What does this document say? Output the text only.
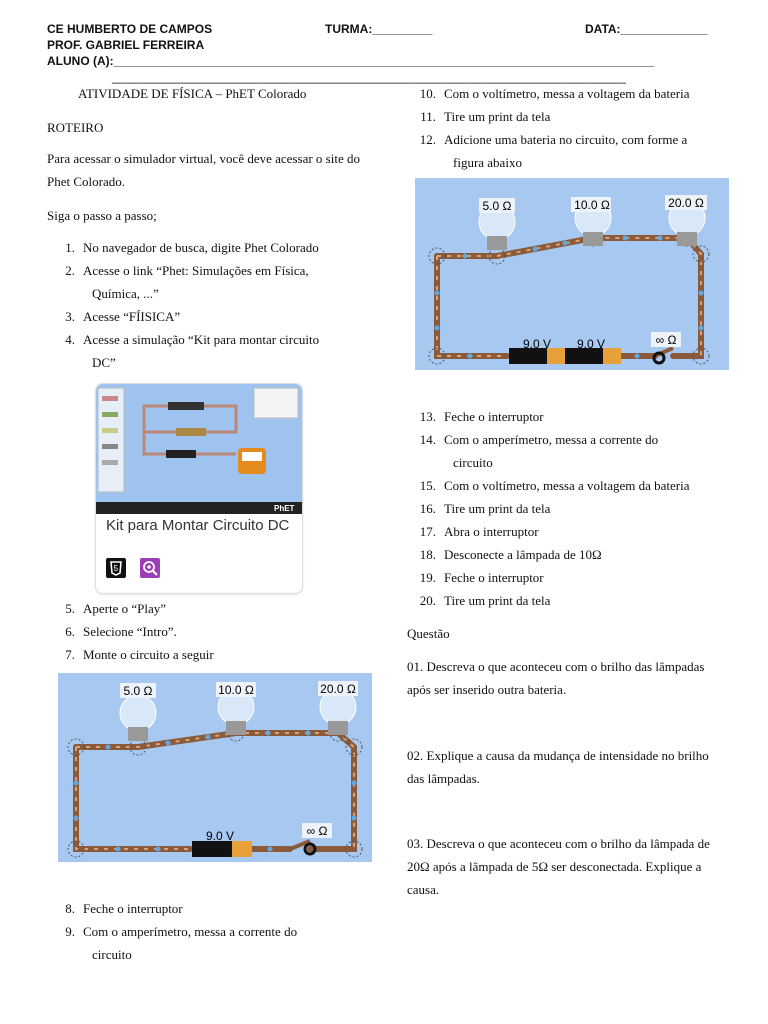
CE HUMBERTO DE CAMPOS
PROF. GABRIEL FERREIRA
ALUNO (A):_________________________________________________________________________________
TURMA:_________	DATA:_____________
_____________________________________________________________________________
ATIVIDADE DE FÍSICA – PhET Colorado
ROTEIRO
Para acessar o simulador virtual, você deve acessar o site do Phet Colorado.
Siga o passo a passo;
1. No navegador de busca, digite Phet Colorado
2. Acesse o link “Phet: Simulações em Física,
Química, ...”
3. Acesse “FÍISICA”
4. Acesse a simulação “Kit para montar circuito
DC”
PhET
Kit para Montar Circuito DC
5
5. Aperte o “Play”
6. Selecione “Intro”.
7. Monte o circuito a seguir
5.0 Ω	10.0 Ω	20.0 Ω
9.0 V	∞ Ω
8. Feche o interruptor
9. Com o amperímetro, messa a corrente do
circuito
10. Com o voltímetro, messa a voltagem da bateria
11. Tire um print da tela
12. Adicione uma bateria no circuito, com forme a
figura abaixo
5.0 Ω	10.0 Ω	20.0 Ω
9.0 V 9.0 V	∞ Ω
13. Feche o interruptor
14. Com o amperímetro, messa a corrente do
circuito
15. Com o voltímetro, messa a voltagem da bateria
16. Tire um print da tela
17. Abra o interruptor
18. Desconecte a lâmpada de 10Ω
19. Feche o interruptor
20. Tire um print da tela
Questão
01. Descreva o que aconteceu com o brilho das lâmpadas após ser inserido outra bateria.
02. Explique a causa da mudança de intensidade no brilho das lâmpadas.
03. Descreva o que aconteceu com o brilho da lâmpada de 20Ω após a lâmpada de 5Ω ser desconectada. Explique a causa.
